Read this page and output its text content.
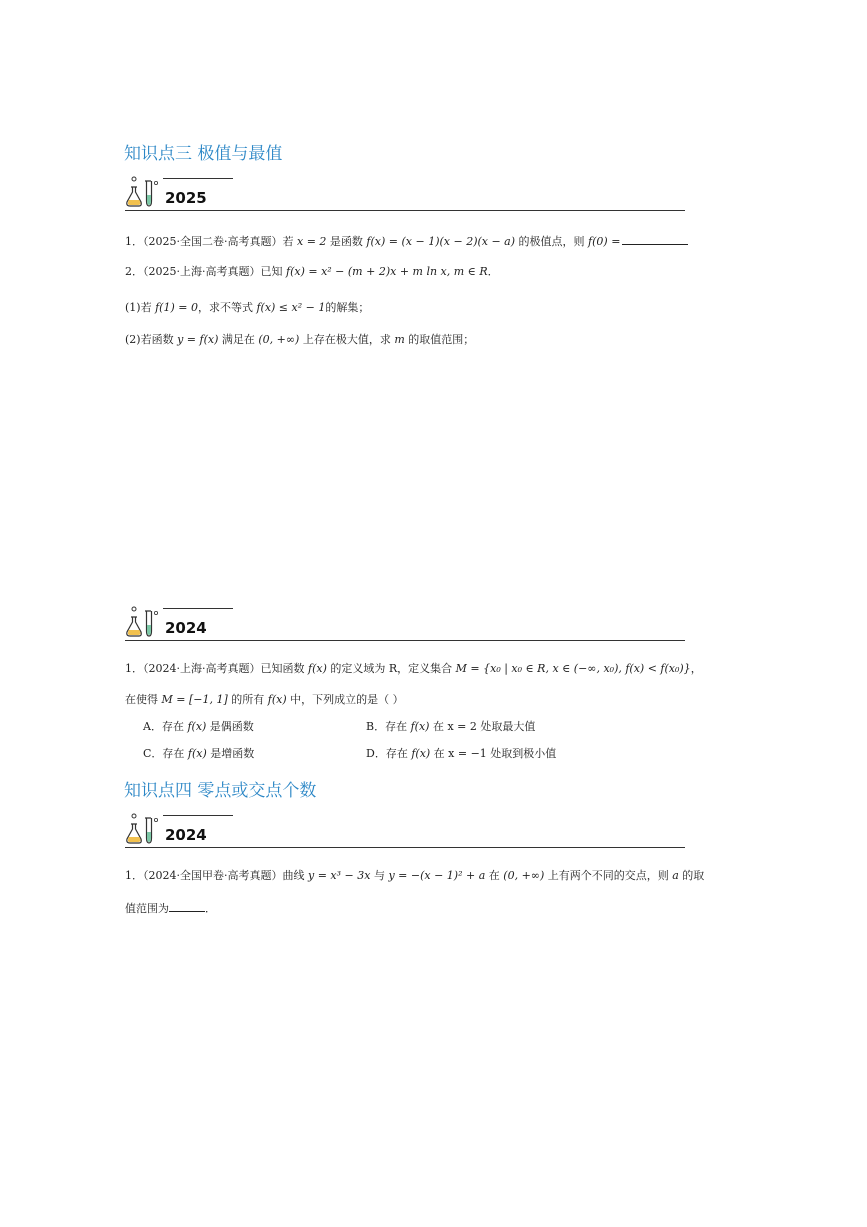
知识点三 极值与最值
2025
1．（2025·全国二卷·高考真题）若 x = 2 是函数 f(x) = (x − 1)(x − 2)(x − a) 的极值点，则 f(0) =
2．（2025·上海·高考真题）已知 f(x) = x² − (m + 2)x + m ln x, m ∈ R．
(1)若 f(1) = 0，求不等式 f(x) ≤ x² − 1的解集；
(2)若函数 y = f(x) 满足在 (0, +∞) 上存在极大值，求 m 的取值范围；
2024
1．（2024·上海·高考真题）已知函数 f(x) 的定义域为 R，定义集合 M = {x₀ | x₀ ∈ R, x ∈ (−∞, x₀), f(x) < f(x₀)}，
在使得 M = [−1, 1] 的所有 f(x) 中，下列成立的是（ ）
A．存在 f(x) 是偶函数	B．存在 f(x) 在 x = 2 处取最大值
C．存在 f(x) 是增函数	D．存在 f(x) 在 x = −1 处取到极小值
知识点四 零点或交点个数
2024
1．（2024·全国甲卷·高考真题）曲线 y = x³ − 3x 与 y = −(x − 1)² + a 在 (0, +∞) 上有两个不同的交点，则 a 的取
值范围为	．
